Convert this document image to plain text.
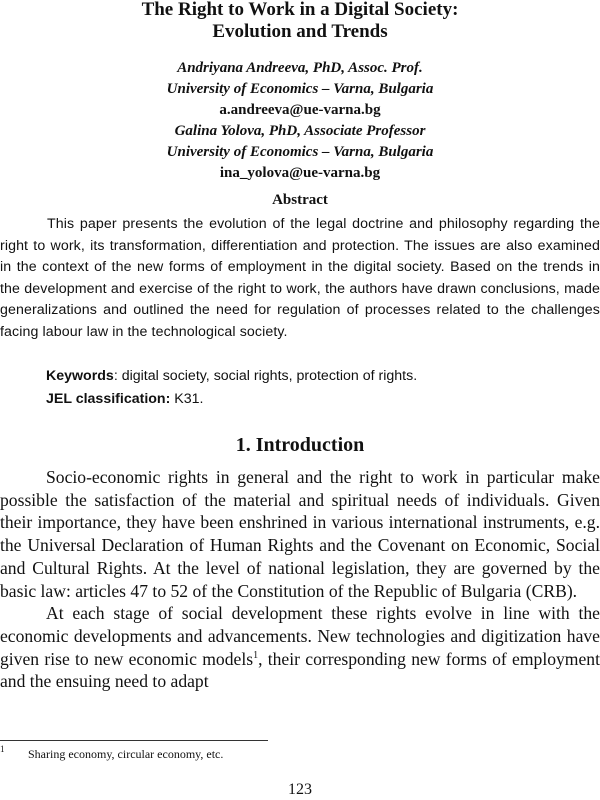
The Right to Work in a Digital Society:
Evolution and Trends
Andriyana Andreeva, PhD, Assoc. Prof.
University of Economics – Varna, Bulgaria
a.andreeva@ue-varna.bg
Galina Yolova, PhD, Associate Professor
University of Economics – Varna, Bulgaria
ina_yolova@ue-varna.bg
Abstract

This paper presents the evolution of the legal doctrine and philosophy regarding the right to work, its transformation, differentiation and protection. The issues are also examined in the context of the new forms of employment in the digital society. Based on the trends in the development and exercise of the right to work, the authors have drawn conclusions, made generalizations and outlined the need for regulation of processes related to the challenges facing labour law in the technological society.

Keywords: digital society, social rights, protection of rights.
JEL classification: K31.
1. Introduction

Socio-economic rights in general and the right to work in particular make possible the satisfaction of the material and spiritual needs of individuals. Given their importance, they have been enshrined in various international instruments, e.g. the Universal Declaration of Human Rights and the Covenant on Economic, Social and Cultural Rights. At the level of national legislation, they are governed by the basic law: articles 47 to 52 of the Constitution of the Republic of Bulgaria (CRB).

At each stage of social development these rights evolve in line with the economic developments and advancements. New technologies and digitization have given rise to new economic models$^1$, their corresponding new forms of employment and the ensuing need to adapt

1 Sharing economy, circular economy, etc.
123
